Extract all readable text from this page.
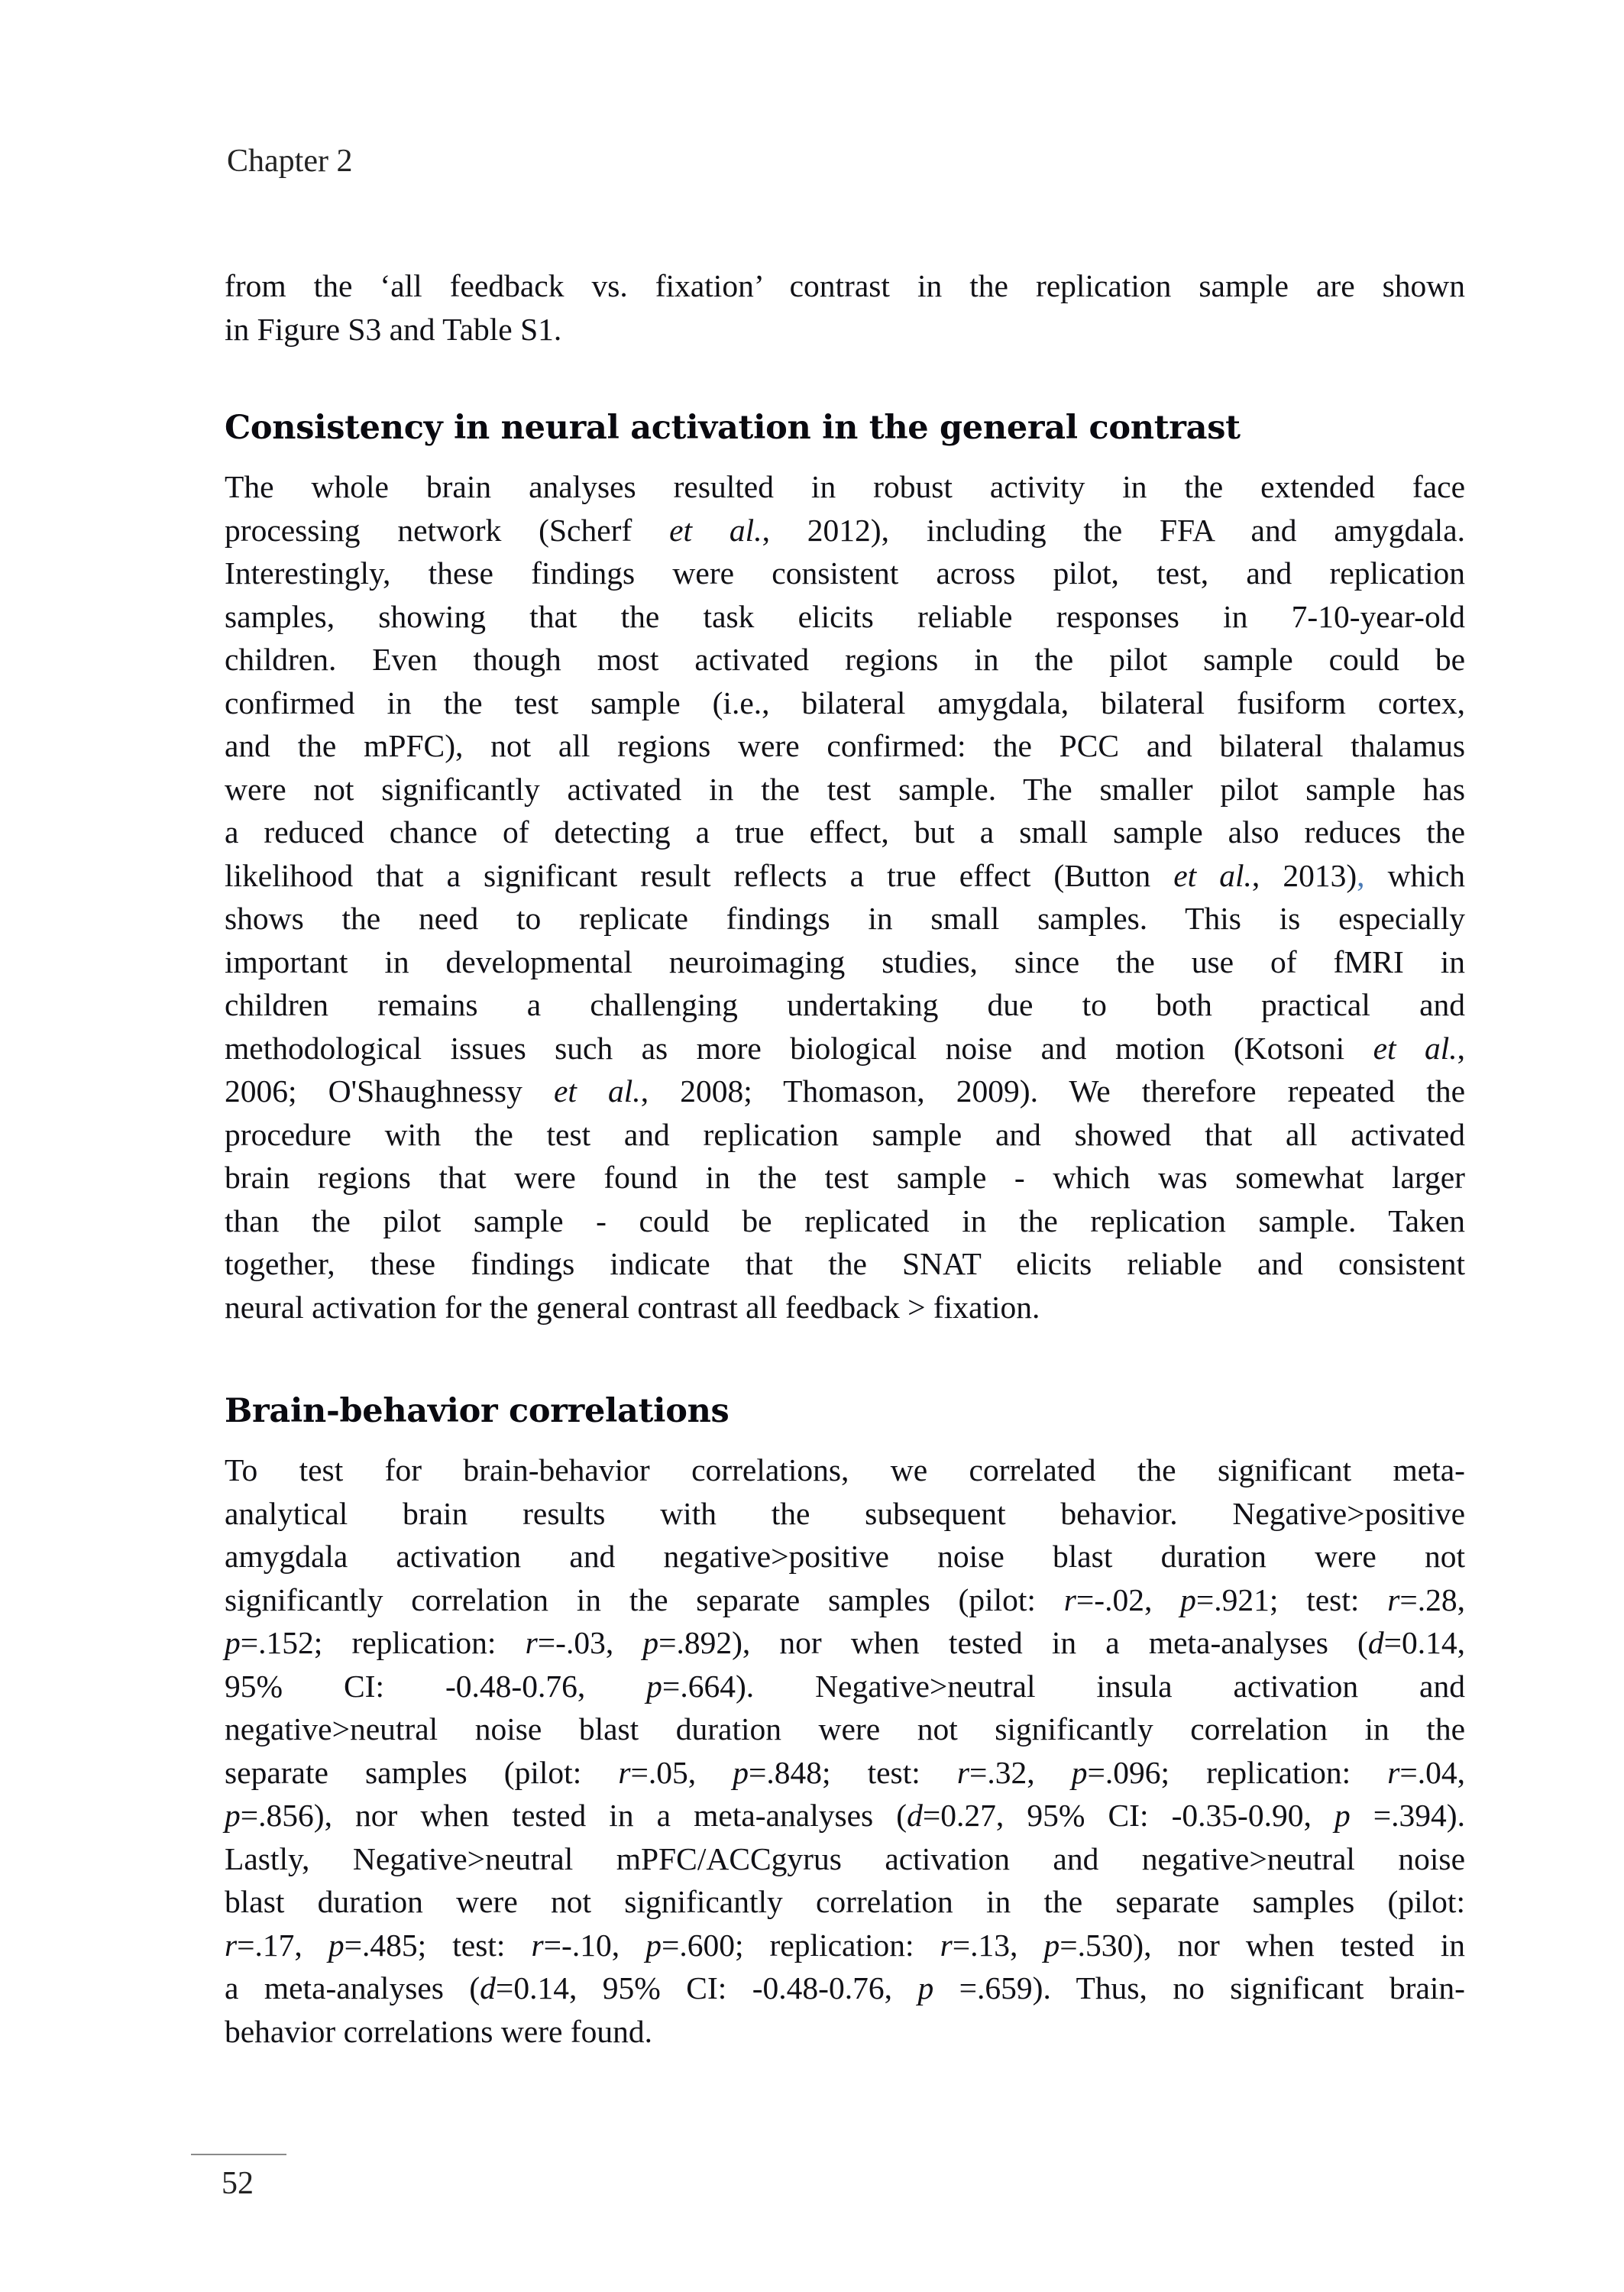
Chapter 2
from the ‘all feedback vs. fixation’ contrast in the replication sample are shown
in Figure S3 and Table S1.
Consistency in neural activation in the general contrast
The whole brain analyses resulted in robust activity in the extended face
processing network (Scherf et al., 2012), including the FFA and amygdala.
Interestingly, these findings were consistent across pilot, test, and replication
samples, showing that the task elicits reliable responses in 7-10-year-old
children. Even though most activated regions in the pilot sample could be
confirmed in the test sample (i.e., bilateral amygdala, bilateral fusiform cortex,
and the mPFC), not all regions were confirmed: the PCC and bilateral thalamus
were not significantly activated in the test sample. The smaller pilot sample has
a reduced chance of detecting a true effect, but a small sample also reduces the
likelihood that a significant result reflects a true effect (Button et al., 2013), which
shows the need to replicate findings in small samples. This is especially
important in developmental neuroimaging studies, since the use of fMRI in
children remains a challenging undertaking due to both practical and
methodological issues such as more biological noise and motion (Kotsoni et al.,
2006; O'Shaughnessy et al., 2008; Thomason, 2009). We therefore repeated the
procedure with the test and replication sample and showed that all activated
brain regions that were found in the test sample - which was somewhat larger
than the pilot sample - could be replicated in the replication sample. Taken
together, these findings indicate that the SNAT elicits reliable and consistent
neural activation for the general contrast all feedback > fixation.
Brain-behavior correlations
To test for brain-behavior correlations, we correlated the significant meta-
analytical brain results with the subsequent behavior. Negative>positive
amygdala activation and negative>positive noise blast duration were not
significantly correlation in the separate samples (pilot: r=-.02, p=.921; test: r=.28,
p=.152; replication: r=-.03, p=.892), nor when tested in a meta-analyses (d=0.14,
95% CI: -0.48-0.76, p=.664). Negative>neutral insula activation and
negative>neutral noise blast duration were not significantly correlation in the
separate samples (pilot: r=.05, p=.848; test: r=.32, p=.096; replication: r=.04,
p=.856), nor when tested in a meta-analyses (d=0.27, 95% CI: -0.35-0.90, p =.394).
Lastly, Negative>neutral mPFC/ACCgyrus activation and negative>neutral noise
blast duration were not significantly correlation in the separate samples (pilot:
r=.17, p=.485; test: r=-.10, p=.600; replication: r=.13, p=.530), nor when tested in
a meta-analyses (d=0.14, 95% CI: -0.48-0.76, p =.659). Thus, no significant brain-
behavior correlations were found.
52
